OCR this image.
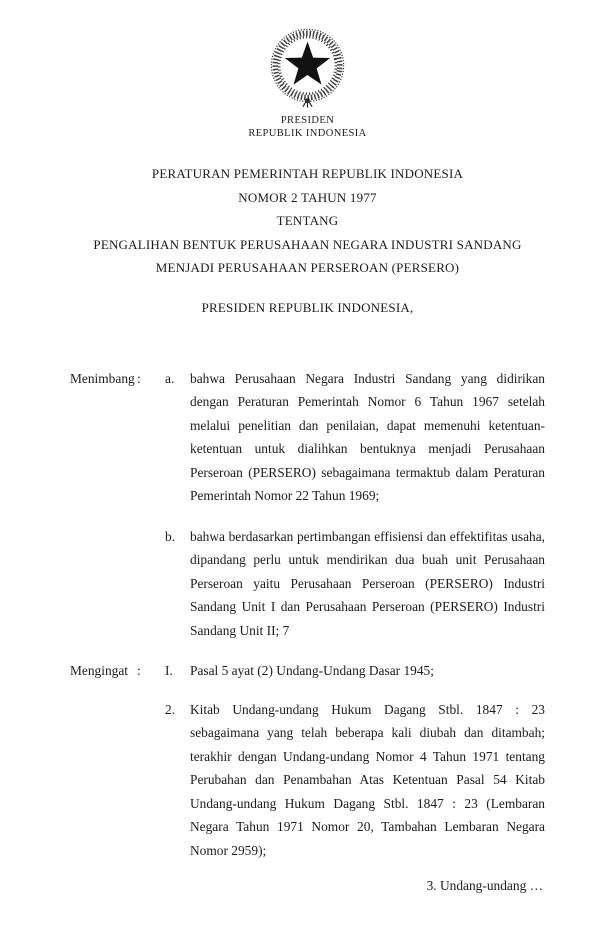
PRESIDEN
REPUBLIK INDONESIA
PERATURAN PEMERINTAH REPUBLIK INDONESIA
NOMOR 2 TAHUN 1977
TENTANG
PENGALIHAN BENTUK PERUSAHAAN NEGARA INDUSTRI SANDANG
MENJADI PERUSAHAAN PERSEROAN (PERSERO)
PRESIDEN REPUBLIK INDONESIA,
Menimbang :	a.	bahwa Perusahaan Negara Industri Sandang yang didirikan dengan Peraturan Pemerintah Nomor 6 Tahun 1967 setelah melalui penelitian dan penilaian, dapat memenuhi ketentuan-ketentuan untuk dialihkan bentuknya menjadi Perusahaan Perseroan (PERSERO) sebagaimana termaktub dalam Peraturan Pemerintah Nomor 22 Tahun 1969;
b.	bahwa berdasarkan pertimbangan effisiensi dan effektifitas usaha, dipandang perlu untuk mendirikan dua buah unit Perusahaan Perseroan yaitu Perusahaan Perseroan (PERSERO) Industri Sandang Unit I dan Perusahaan Perseroan (PERSERO) Industri Sandang Unit II; 7
Mengingat :	I.	Pasal 5 ayat (2) Undang-Undang Dasar 1945;
2.	Kitab Undang-undang Hukum Dagang Stbl. 1847 : 23 sebagaimana yang telah beberapa kali diubah dan ditambah; terakhir dengan Undang-undang Nomor 4 Tahun 1971 tentang Perubahan dan Penambahan Atas Ketentuan Pasal 54 Kitab Undang-undang Hukum Dagang Stbl. 1847 : 23 (Lembaran Negara Tahun 1971 Nomor 20, Tambahan Lembaran Negara Nomor 2959);
3. Undang-undang …
